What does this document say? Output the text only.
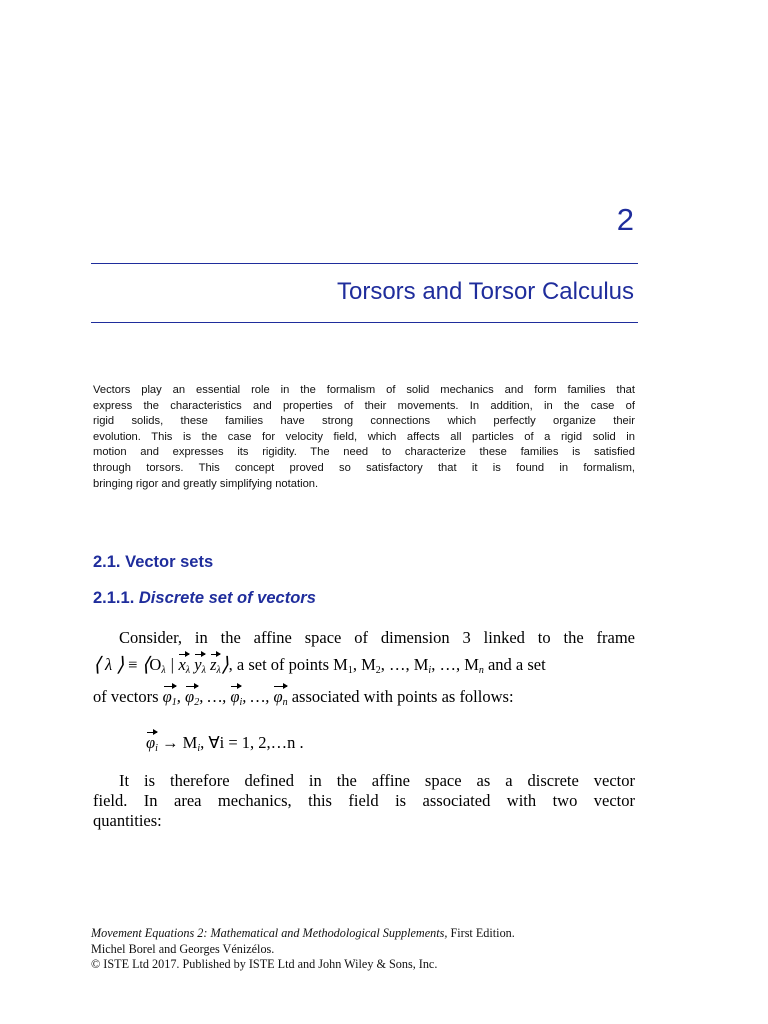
2
Torsors and Torsor Calculus
Vectors play an essential role in the formalism of solid mechanics and form families that
express the characteristics and properties of their movements. In addition, in the case of
rigid solids, these families have strong connections which perfectly organize their
evolution. This is the case for velocity field, which affects all particles of a rigid solid in
motion and expresses its rigidity. The need to characterize these families is satisfied
through torsors. This concept proved so satisfactory that it is found in formalism,
bringing rigor and greatly simplifying notation.
2.1. Vector sets
2.1.1. Discrete set of vectors
Consider, in the affine space of dimension 3 linked to the frame
⟨ λ ⟩ ≡ $⟨O_\lambda$ | $x_\lambda$ $y_\lambda$ $z_\lambda⟩$, a set of points $M_1$, $M_2$, …, $M_i$, …, $M_n$ and a set
of vectors $\varphi_1$, $\varphi_2$, …, $\varphi_i$, …, $\varphi_n$ associated with points as follows:
$\varphi_i \to M_i$, ∀i = 1, 2,…n .
It is therefore defined in the affine space as a discrete vector
field. In area mechanics, this field is associated with two vector
quantities:
Movement Equations 2: Mathematical and Methodological Supplements, First Edition.
Michel Borel and Georges Vénizélos.
© ISTE Ltd 2017. Published by ISTE Ltd and John Wiley & Sons, Inc.
